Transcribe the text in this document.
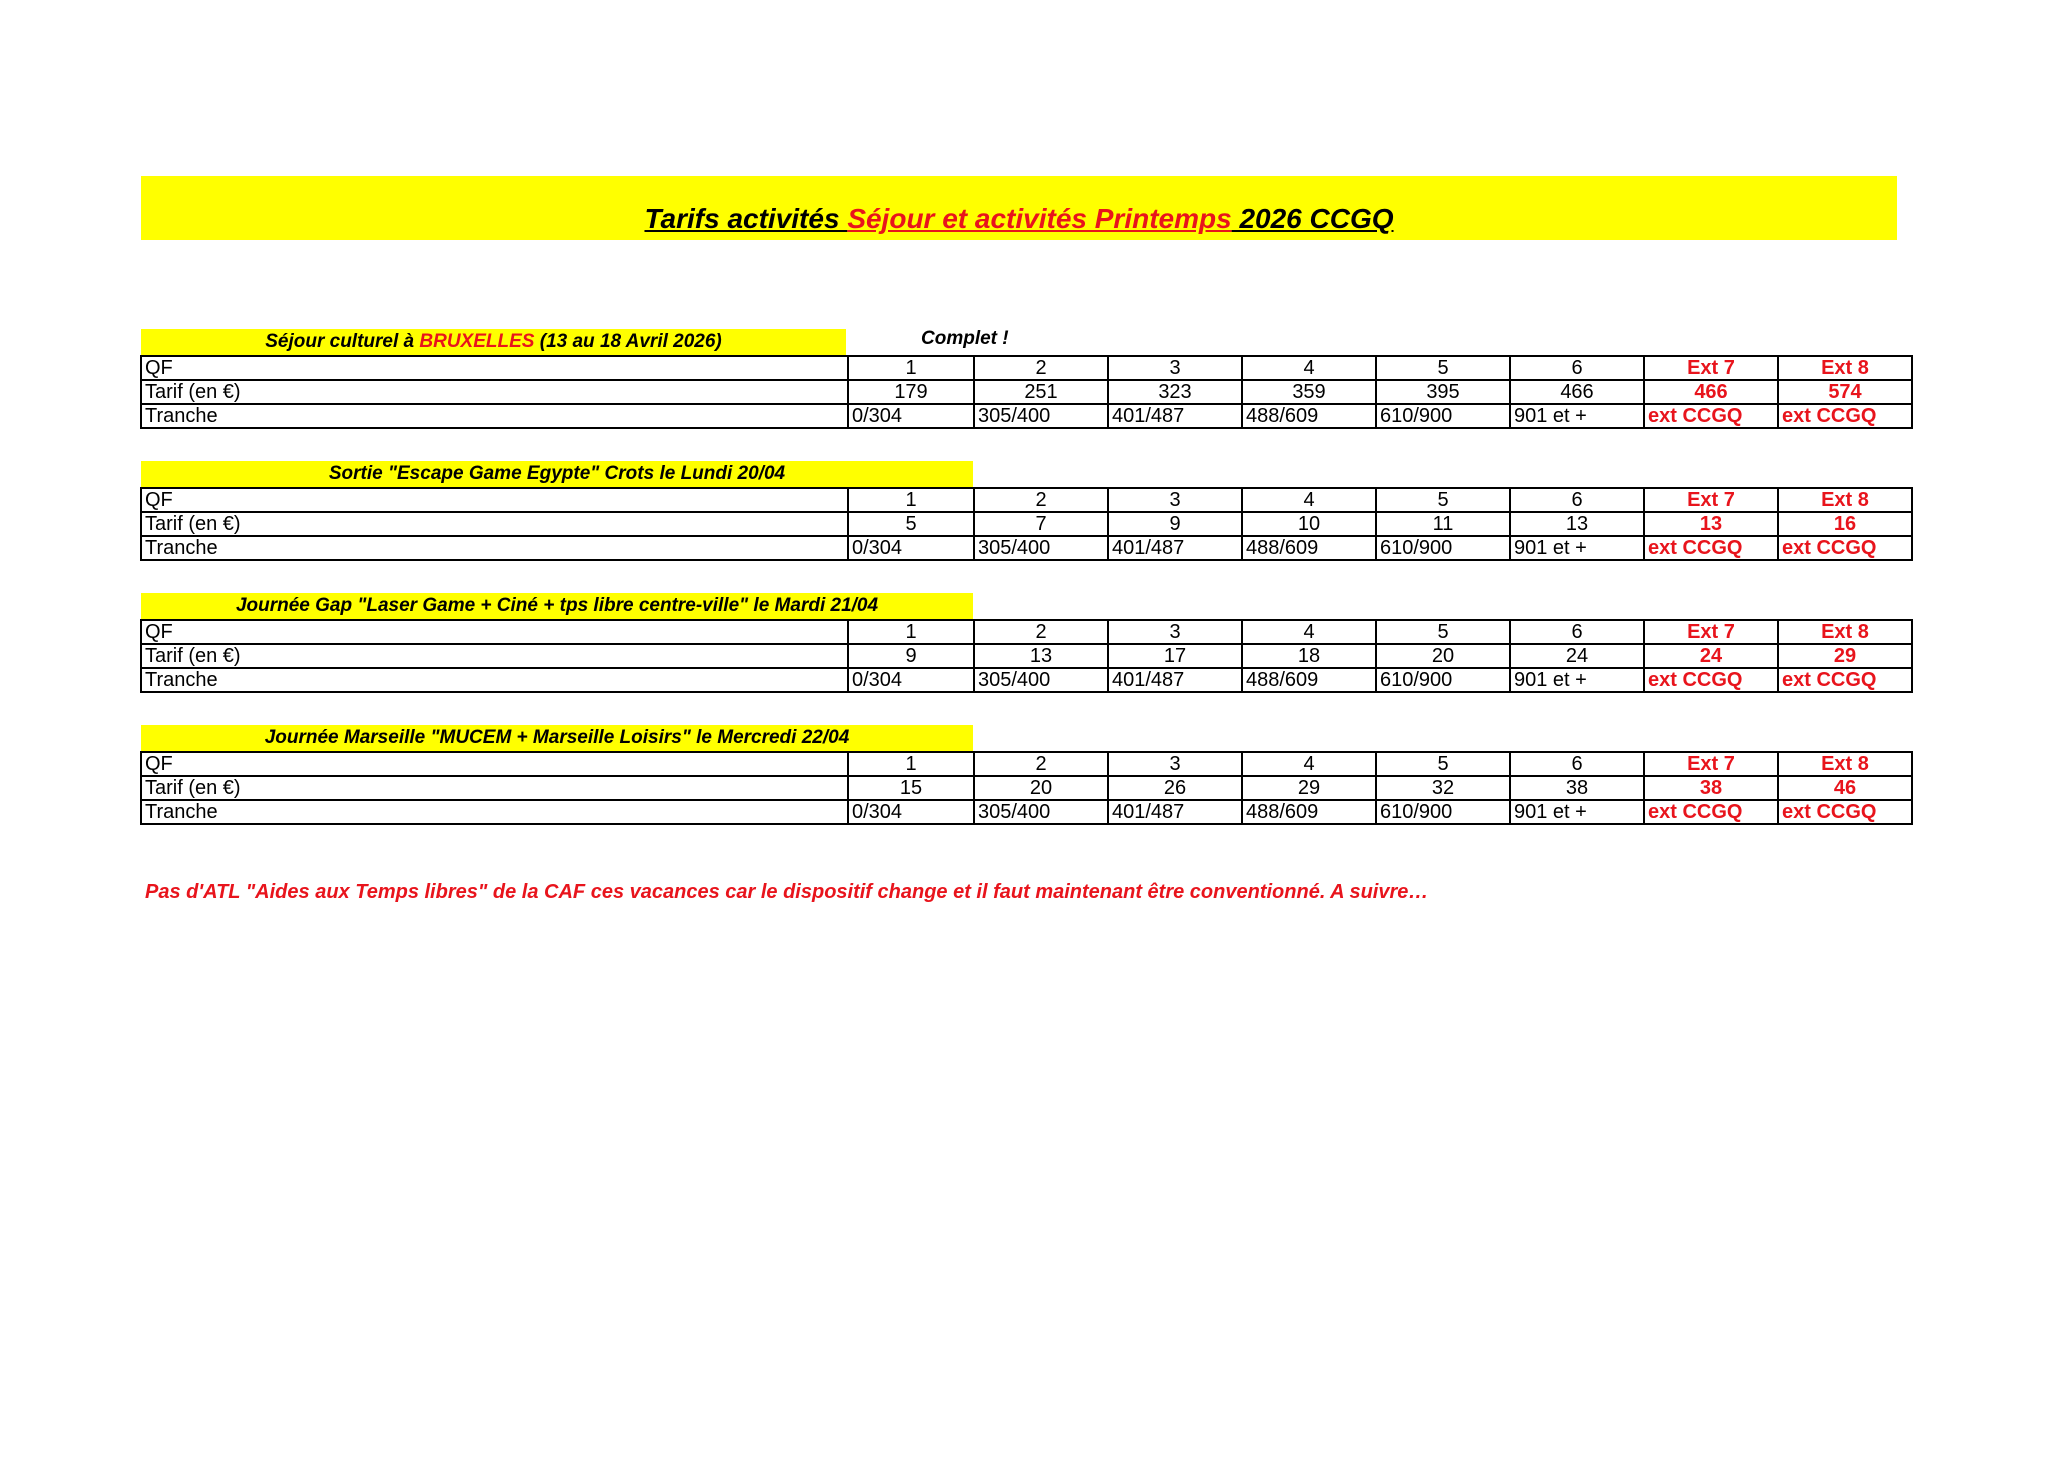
Tarifs activités Séjour et activités Printemps 2026 CCGQ
Séjour culturel à BRUXELLES (13 au 18 Avril 2026)	Complet !
QF	1	2	3	4	5	6	Ext 7	Ext 8
Tarif (en €)	179	251	323	359	395	466	466	574
Tranche	0/304	305/400	401/487	488/609	610/900	901 et +	ext CCGQ	ext CCGQ
Sortie "Escape Game Egypte" Crots le Lundi 20/04
QF	1	2	3	4	5	6	Ext 7	Ext 8
Tarif (en €)	5	7	9	10	11	13	13	16
Tranche	0/304	305/400	401/487	488/609	610/900	901 et +	ext CCGQ	ext CCGQ
Journée Gap "Laser Game + Ciné + tps libre centre-ville" le Mardi 21/04
QF	1	2	3	4	5	6	Ext 7	Ext 8
Tarif (en €)	9	13	17	18	20	24	24	29
Tranche	0/304	305/400	401/487	488/609	610/900	901 et +	ext CCGQ	ext CCGQ
Journée Marseille "MUCEM + Marseille Loisirs" le Mercredi 22/04
QF	1	2	3	4	5	6	Ext 7	Ext 8
Tarif (en €)	15	20	26	29	32	38	38	46
Tranche	0/304	305/400	401/487	488/609	610/900	901 et +	ext CCGQ	ext CCGQ
Pas d'ATL "Aides aux Temps libres" de la CAF ces vacances car le dispositif change et il faut maintenant être conventionné. A suivre…
